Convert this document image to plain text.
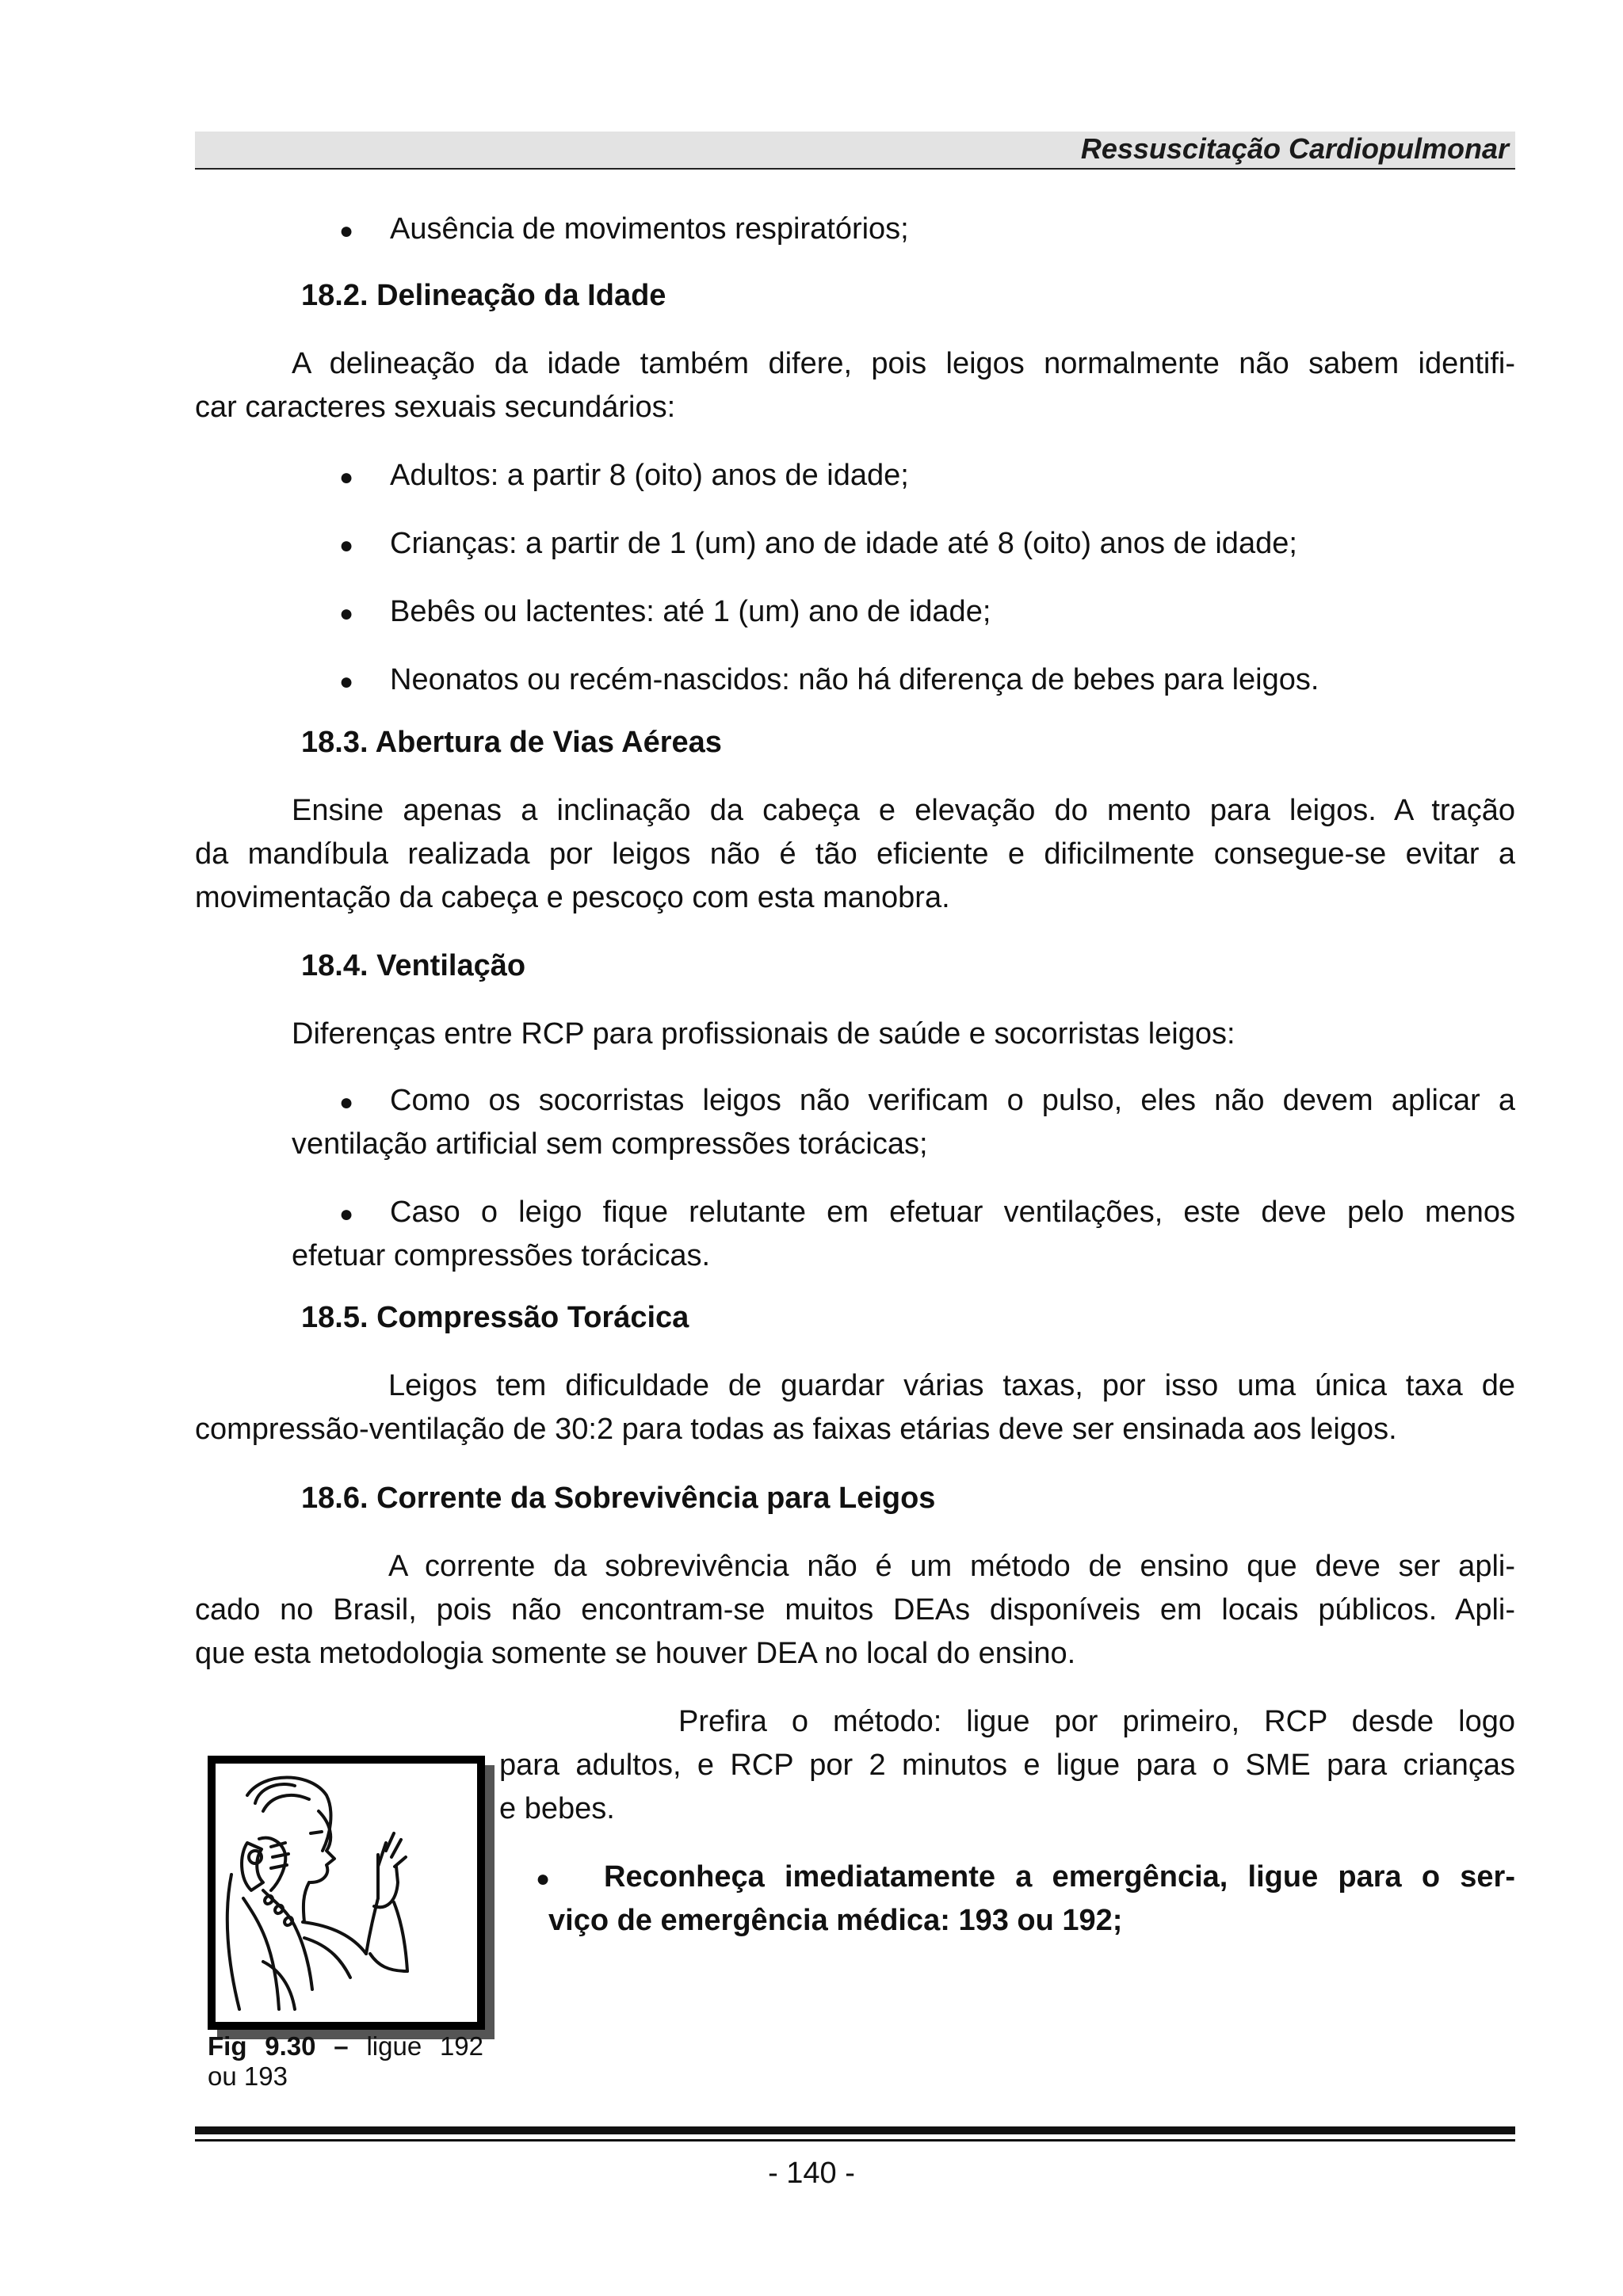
Ressuscitação Cardiopulmonar
● Ausência de movimentos respiratórios;
18.2. Delineação da Idade
A delineação da idade também difere, pois leigos normalmente não sabem identifi-
car caracteres sexuais secundários:
● Adultos: a partir 8 (oito) anos de idade;
● Crianças: a partir de 1 (um) ano de idade até 8 (oito) anos de idade;
● Bebês ou lactentes: até 1 (um) ano de idade;
● Neonatos ou recém-nascidos: não há diferença de bebes para leigos.
18.3. Abertura de Vias Aéreas
Ensine apenas a inclinação da cabeça e elevação do mento para leigos. A tração
da mandíbula realizada por leigos não é tão eficiente e dificilmente consegue-se evitar a
movimentação da cabeça e pescoço com esta manobra.
18.4. Ventilação
Diferenças entre RCP para profissionais de saúde e socorristas leigos:
● Como os socorristas leigos não verificam o pulso, eles não devem aplicar a
ventilação artificial sem compressões torácicas;
● Caso o leigo fique relutante em efetuar ventilações, este deve pelo menos
efetuar compressões torácicas.
18.5. Compressão Torácica
Leigos tem dificuldade de guardar várias taxas, por isso uma única taxa de
compressão-ventilação de 30:2 para todas as faixas etárias deve ser ensinada aos leigos.
18.6. Corrente da Sobrevivência para Leigos
A corrente da sobrevivência não é um método de ensino que deve ser apli-
cado no Brasil, pois não encontram-se muitos DEAs disponíveis em locais públicos. Apli-
que esta metodologia somente se houver DEA no local do ensino.
Prefira o método: ligue por primeiro, RCP desde logo
para adultos, e RCP por 2 minutos e ligue para o SME para crianças
e bebes.
● Reconheça imediatamente a emergência, ligue para o ser-
viço de emergência médica: 193 ou 192;
Fig 9.30 – ligue 192
ou 193
- 140 -
